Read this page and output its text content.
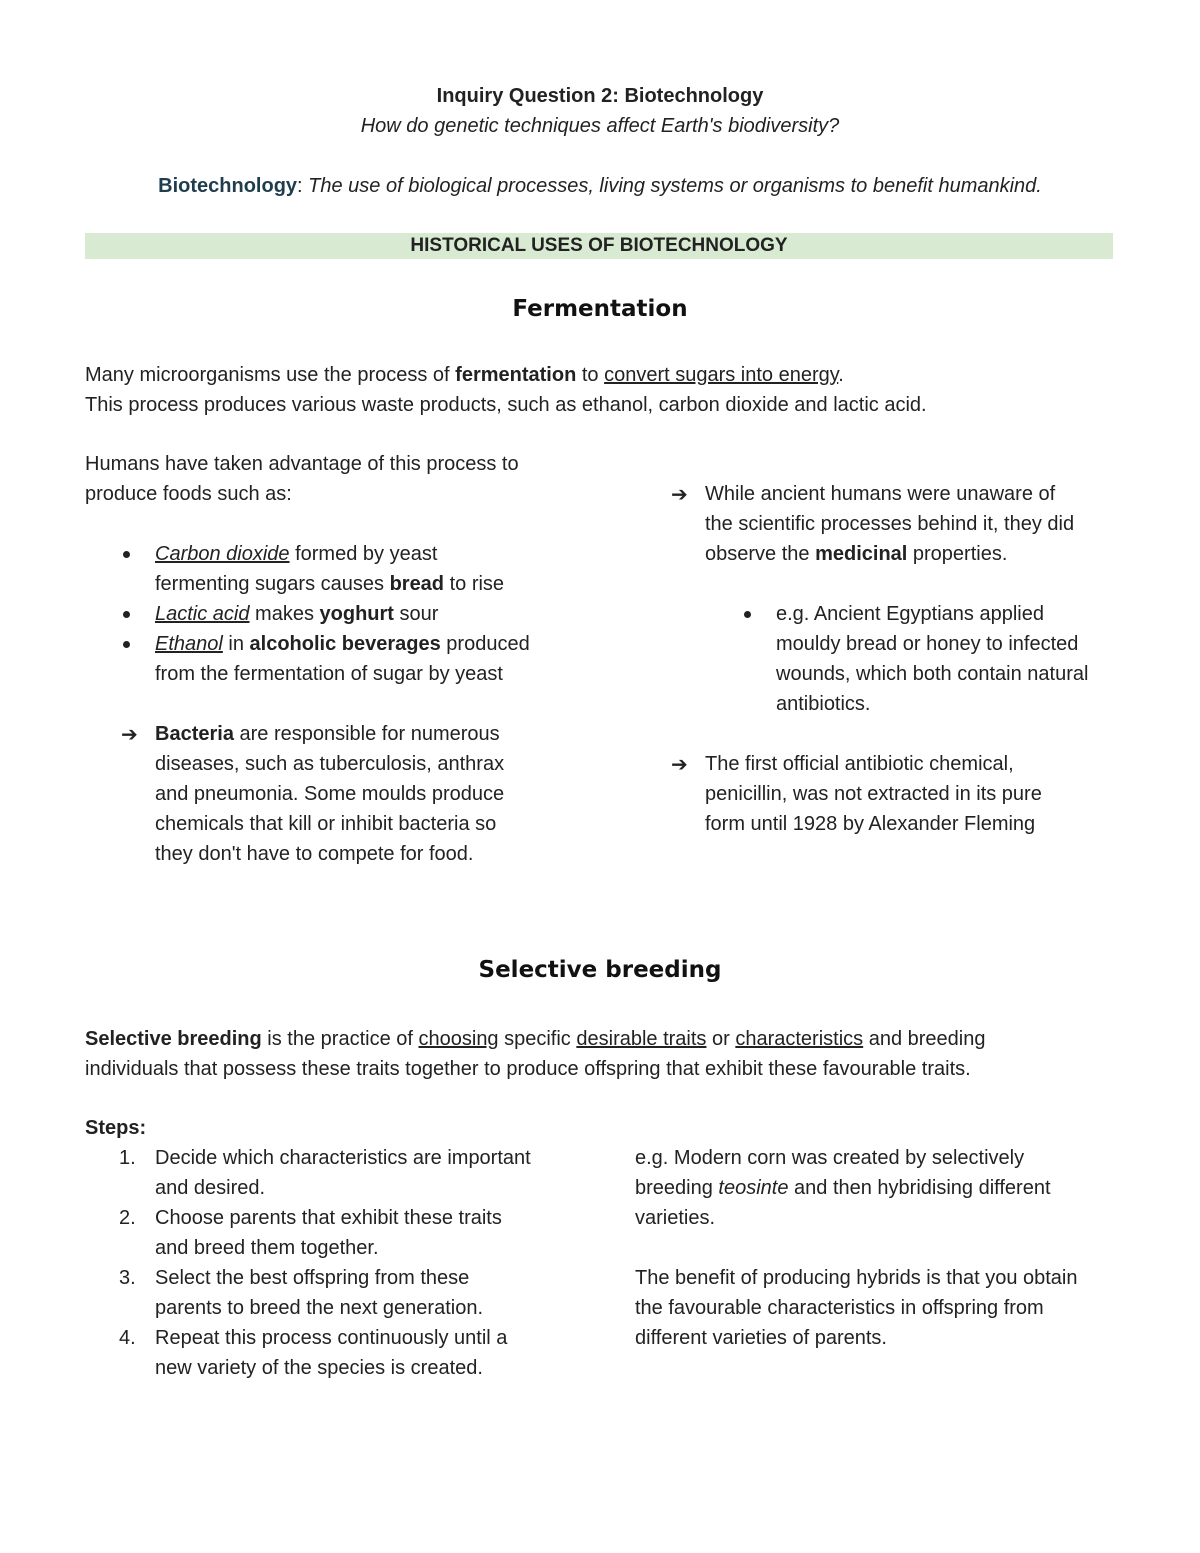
Inquiry Question 2: Biotechnology
How do genetic techniques affect Earth's biodiversity?
Biotechnology: The use of biological processes, living systems or organisms to benefit humankind.
HISTORICAL USES OF BIOTECHNOLOGY
Fermentation
Many microorganisms use the process of fermentation to convert sugars into energy.
This process produces various waste products, such as ethanol, carbon dioxide and lactic acid.
Humans have taken advantage of this process to
produce foods such as:
Carbon dioxide formed by yeast
fermenting sugars causes bread to rise
Lactic acid makes yoghurt sour
Ethanol in alcoholic beverages produced
from the fermentation of sugar by yeast
➔ Bacteria are responsible for numerous
diseases, such as tuberculosis, anthrax
and pneumonia. Some moulds produce
chemicals that kill or inhibit bacteria so
they don't have to compete for food.
➔ While ancient humans were unaware of
the scientific processes behind it, they did
observe the medicinal properties.
e.g. Ancient Egyptians applied
mouldy bread or honey to infected
wounds, which both contain natural
antibiotics.
➔ The first official antibiotic chemical,
penicillin, was not extracted in its pure
form until 1928 by Alexander Fleming
Selective breeding
Selective breeding is the practice of choosing specific desirable traits or characteristics and breeding
individuals that possess these traits together to produce offspring that exhibit these favourable traits.
Steps:
1. Decide which characteristics are important
and desired.
2. Choose parents that exhibit these traits
and breed them together.
3. Select the best offspring from these
parents to breed the next generation.
4. Repeat this process continuously until a
new variety of the species is created.
e.g. Modern corn was created by selectively
breeding teosinte and then hybridising different
varieties.
The benefit of producing hybrids is that you obtain
the favourable characteristics in offspring from
different varieties of parents.
